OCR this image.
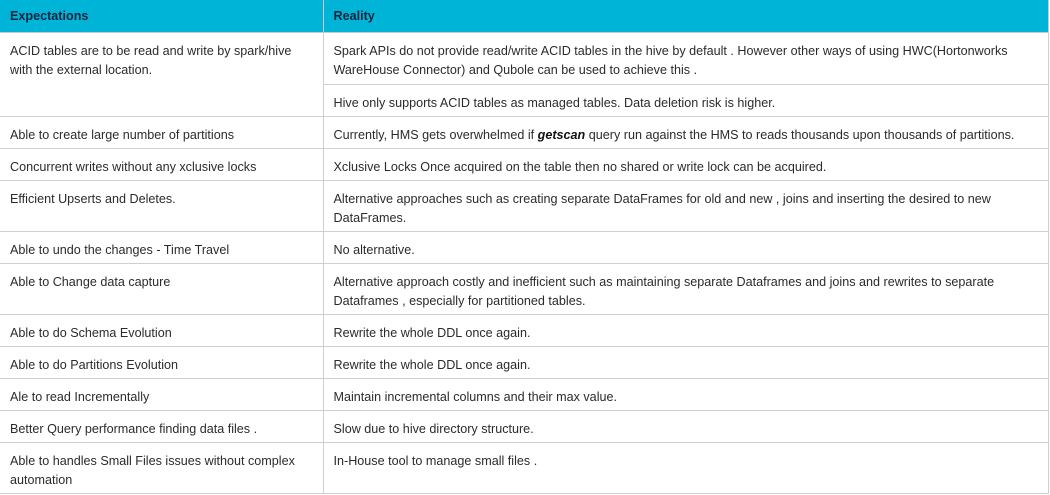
Expectations	Reality
ACID tables are to be read and write by spark/hive with the external location.	Spark APIs do not provide read/write ACID tables in the hive by default . However other ways of using HWC(Hortonworks WareHouse Connector) and Qubole can be used to achieve this .
	Hive only supports ACID tables as managed tables. Data deletion risk is higher.
Able to create large number of partitions	Currently, HMS gets overwhelmed if getscan query run against the HMS to reads thousands upon thousands of partitions.
Concurrent writes without any xclusive locks	Xclusive Locks Once acquired on the table then no shared or write lock can be acquired.
Efficient Upserts and Deletes.	Alternative approaches such as creating separate DataFrames for old and new , joins and inserting the desired to new DataFrames.
Able to undo the changes - Time Travel	No alternative.
Able to Change data capture	Alternative approach costly and inefficient such as maintaining separate Dataframes and joins and rewrites to separate Dataframes , especially for partitioned tables.
Able to do Schema Evolution	Rewrite the whole DDL once again.
Able to do Partitions Evolution	Rewrite the whole DDL once again.
Ale to read Incrementally	Maintain incremental columns and their max value.
Better Query performance finding data files .	Slow due to hive directory structure.
Able to handles Small Files issues without complex automation	In-House tool to manage small files .
